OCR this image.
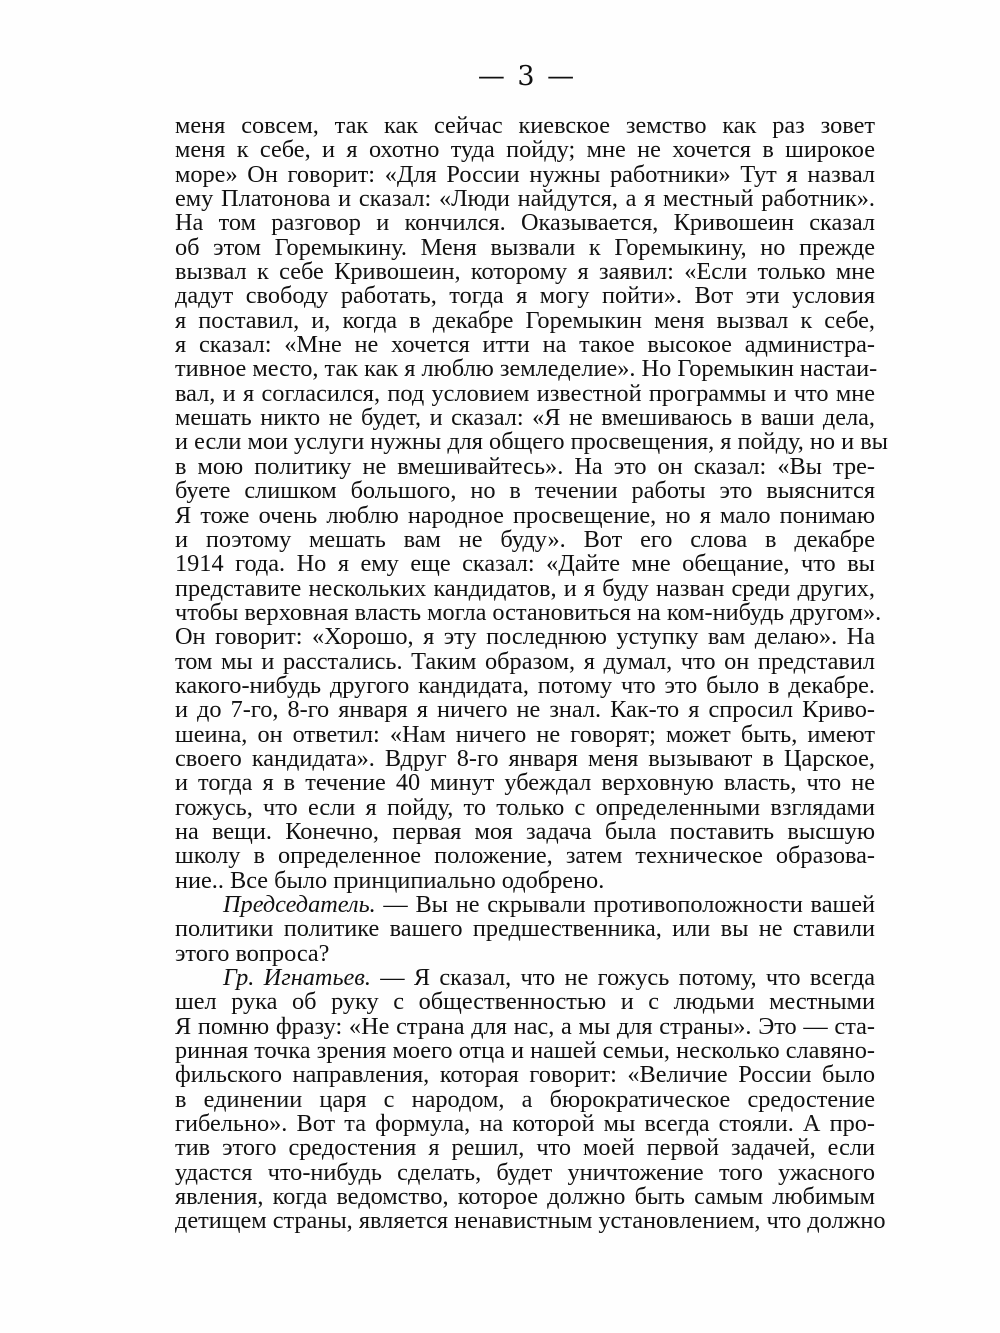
— 3 —
меня совсем, так как сейчас киевское земство как раз зовет
меня к себе, и я охотно туда пойду; мне не хочется в широкое
море» Он говорит: «Для России нужны работники» Тут я назвал
ему Платонова и сказал: «Люди найдутся, а я местный работник».
На том разговор и кончился. Оказывается, Кривошеин сказал
об этом Горемыкину. Меня вызвали к Горемыкину, но прежде
вызвал к себе Кривошеин, которому я заявил: «Если только мне
дадут свободу работать, тогда я могу пойти». Вот эти условия
я поставил, и, когда в декабре Горемыкин меня вызвал к себе,
я сказал: «Мне не хочется итти на такое высокое администра-
тивное место, так как я люблю земледелие». Но Горемыкин настаи-
вал, и я согласился, под условием известной программы и что мне
мешать никто не будет, и сказал: «Я не вмешиваюсь в ваши дела,
и если мои услуги нужны для общего просвещения, я пойду, но и вы
в мою политику не вмешивайтесь». На это он сказал: «Вы тре-
буете слишком большого, но в течении работы это выяснится
Я тоже очень люблю народное просвещение, но я мало понимаю
и поэтому мешать вам не буду». Вот его слова в декабре
1914 года. Но я ему еще сказал: «Дайте мне обещание, что вы
представите нескольких кандидатов, и я буду назван среди других,
чтобы верховная власть могла остановиться на ком-нибудь другом».
Он говорит: «Хорошо, я эту последнюю уступку вам делаю». На
том мы и расстались. Таким образом, я думал, что он представил
какого-нибудь другого кандидата, потому что это было в декабре.
и до 7-го, 8-го января я ничего не знал. Как-то я спросил Криво-
шеина, он ответил: «Нам ничего не говорят; может быть, имеют
своего кандидата». Вдруг 8-го января меня вызывают в Царское,
и тогда я в течение 40 минут убеждал верховную власть, что не
гожусь, что если я пойду, то только с определенными взглядами
на вещи. Конечно, первая моя задача была поставить высшую
школу в определенное положение, затем техническое образова-
ние.. Все было принципиально одобрено.
Председатель. — Вы не скрывали противоположности вашей
политики политике вашего предшественника, или вы не ставили
этого вопроса?
Гр. Игнатьев. — Я сказал, что не гожусь потому, что всегда
шел рука об руку с общественностью и с людьми местными
Я помню фразу: «Не страна для нас, а мы для страны». Это — ста-
ринная точка зрения моего отца и нашей семьи, несколько славяно-
фильского направления, которая говорит: «Величие России было
в единении царя с народом, а бюрократическое средостение
гибельно». Вот та формула, на которой мы всегда стояли. А про-
тив этого средостения я решил, что моей первой задачей, если
удастся что-нибудь сделать, будет уничтожение того ужасного
явления, когда ведомство, которое должно быть самым любимым
детищем страны, является ненавистным установлением, что должно
